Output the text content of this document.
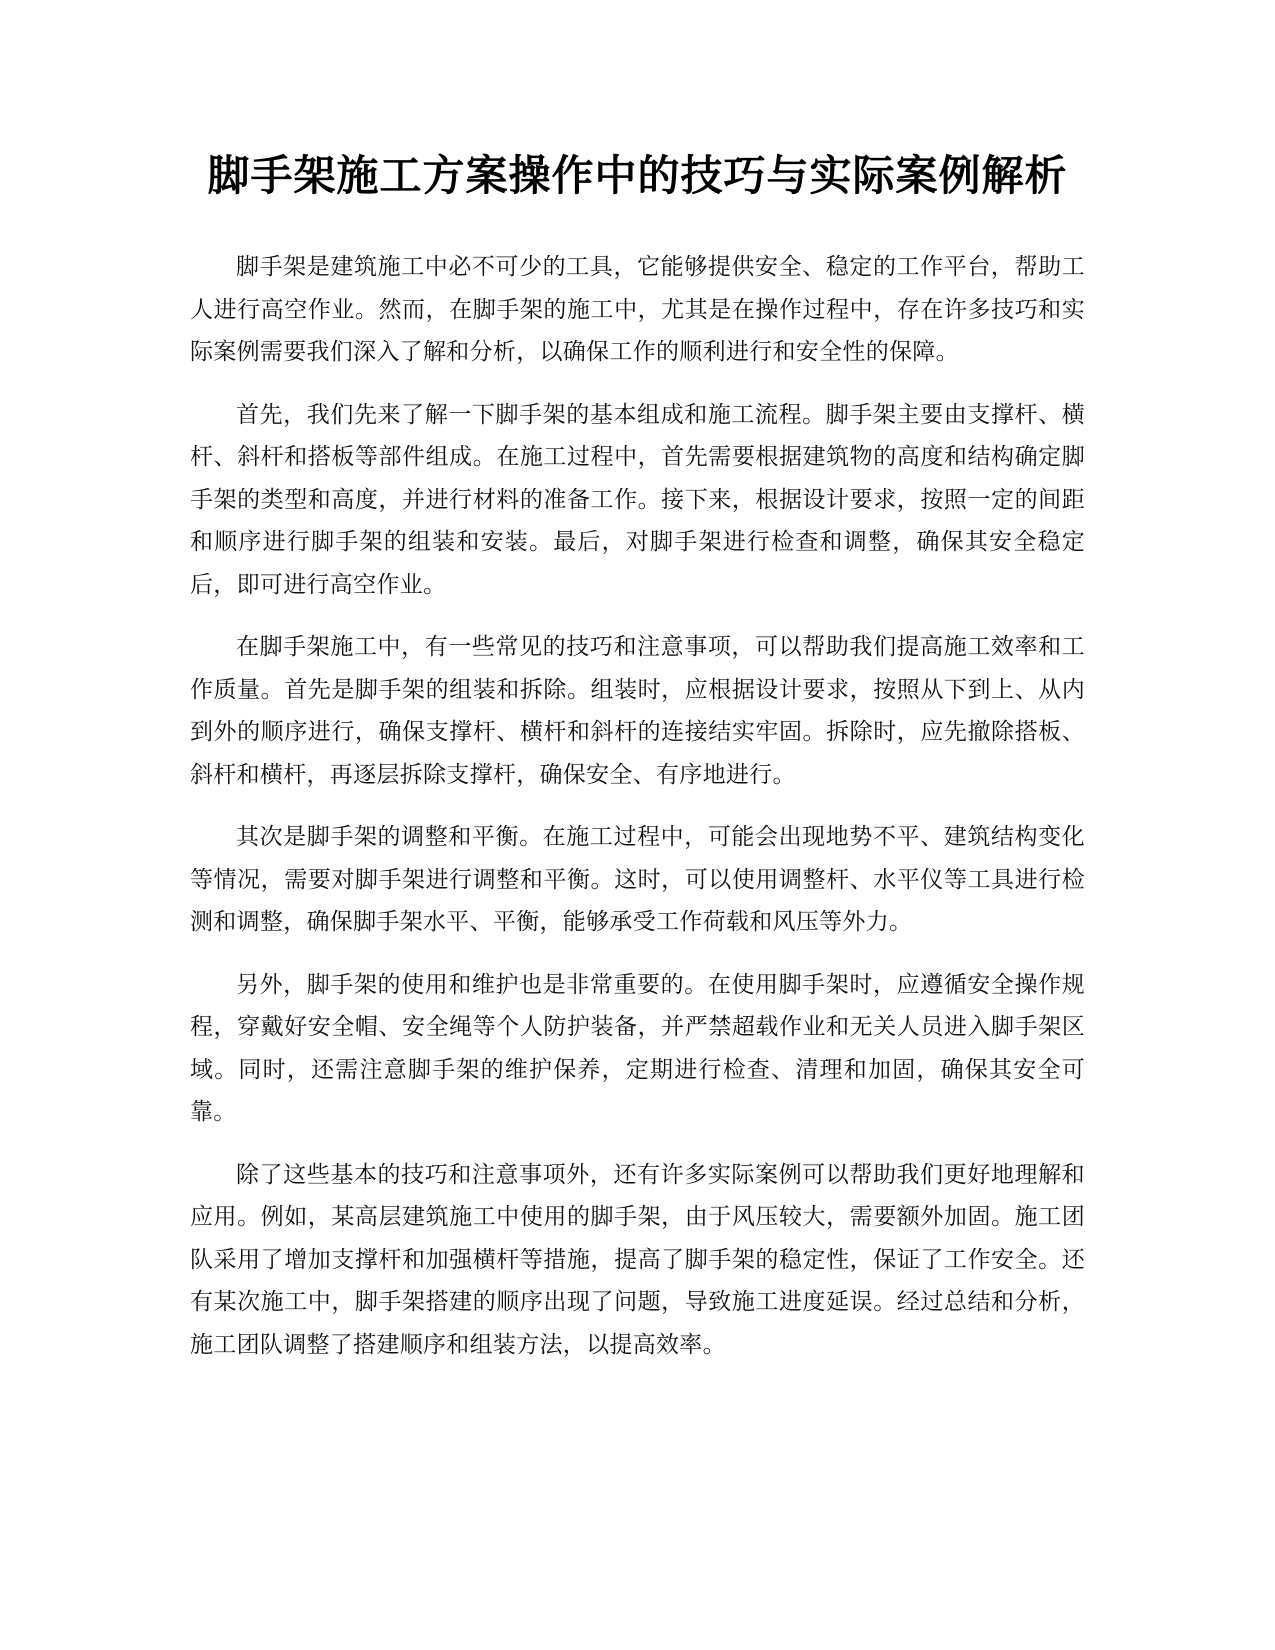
脚手架施工方案操作中的技巧与实际案例解析

脚手架是建筑施工中必不可少的工具，它能够提供安全、稳定的工作平台，帮助工人进行高空作业。然而，在脚手架的施工中，尤其是在操作过程中，存在许多技巧和实际案例需要我们深入了解和分析，以确保工作的顺利进行和安全性的保障。

首先，我们先来了解一下脚手架的基本组成和施工流程。脚手架主要由支撑杆、横杆、斜杆和搭板等部件组成。在施工过程中，首先需要根据建筑物的高度和结构确定脚手架的类型和高度，并进行材料的准备工作。接下来，根据设计要求，按照一定的间距和顺序进行脚手架的组装和安装。最后，对脚手架进行检查和调整，确保其安全稳定后，即可进行高空作业。

在脚手架施工中，有一些常见的技巧和注意事项，可以帮助我们提高施工效率和工作质量。首先是脚手架的组装和拆除。组装时，应根据设计要求，按照从下到上、从内到外的顺序进行，确保支撑杆、横杆和斜杆的连接结实牢固。拆除时，应先撤除搭板、斜杆和横杆，再逐层拆除支撑杆，确保安全、有序地进行。

其次是脚手架的调整和平衡。在施工过程中，可能会出现地势不平、建筑结构变化等情况，需要对脚手架进行调整和平衡。这时，可以使用调整杆、水平仪等工具进行检测和调整，确保脚手架水平、平衡，能够承受工作荷载和风压等外力。

另外，脚手架的使用和维护也是非常重要的。在使用脚手架时，应遵循安全操作规程，穿戴好安全帽、安全绳等个人防护装备，并严禁超载作业和无关人员进入脚手架区域。同时，还需注意脚手架的维护保养，定期进行检查、清理和加固，确保其安全可靠。

除了这些基本的技巧和注意事项外，还有许多实际案例可以帮助我们更好地理解和应用。例如，某高层建筑施工中使用的脚手架，由于风压较大，需要额外加固。施工团队采用了增加支撑杆和加强横杆等措施，提高了脚手架的稳定性，保证了工作安全。还有某次施工中，脚手架搭建的顺序出现了问题，导致施工进度延误。经过总结和分析，施工团队调整了搭建顺序和组装方法，以提高效率。
